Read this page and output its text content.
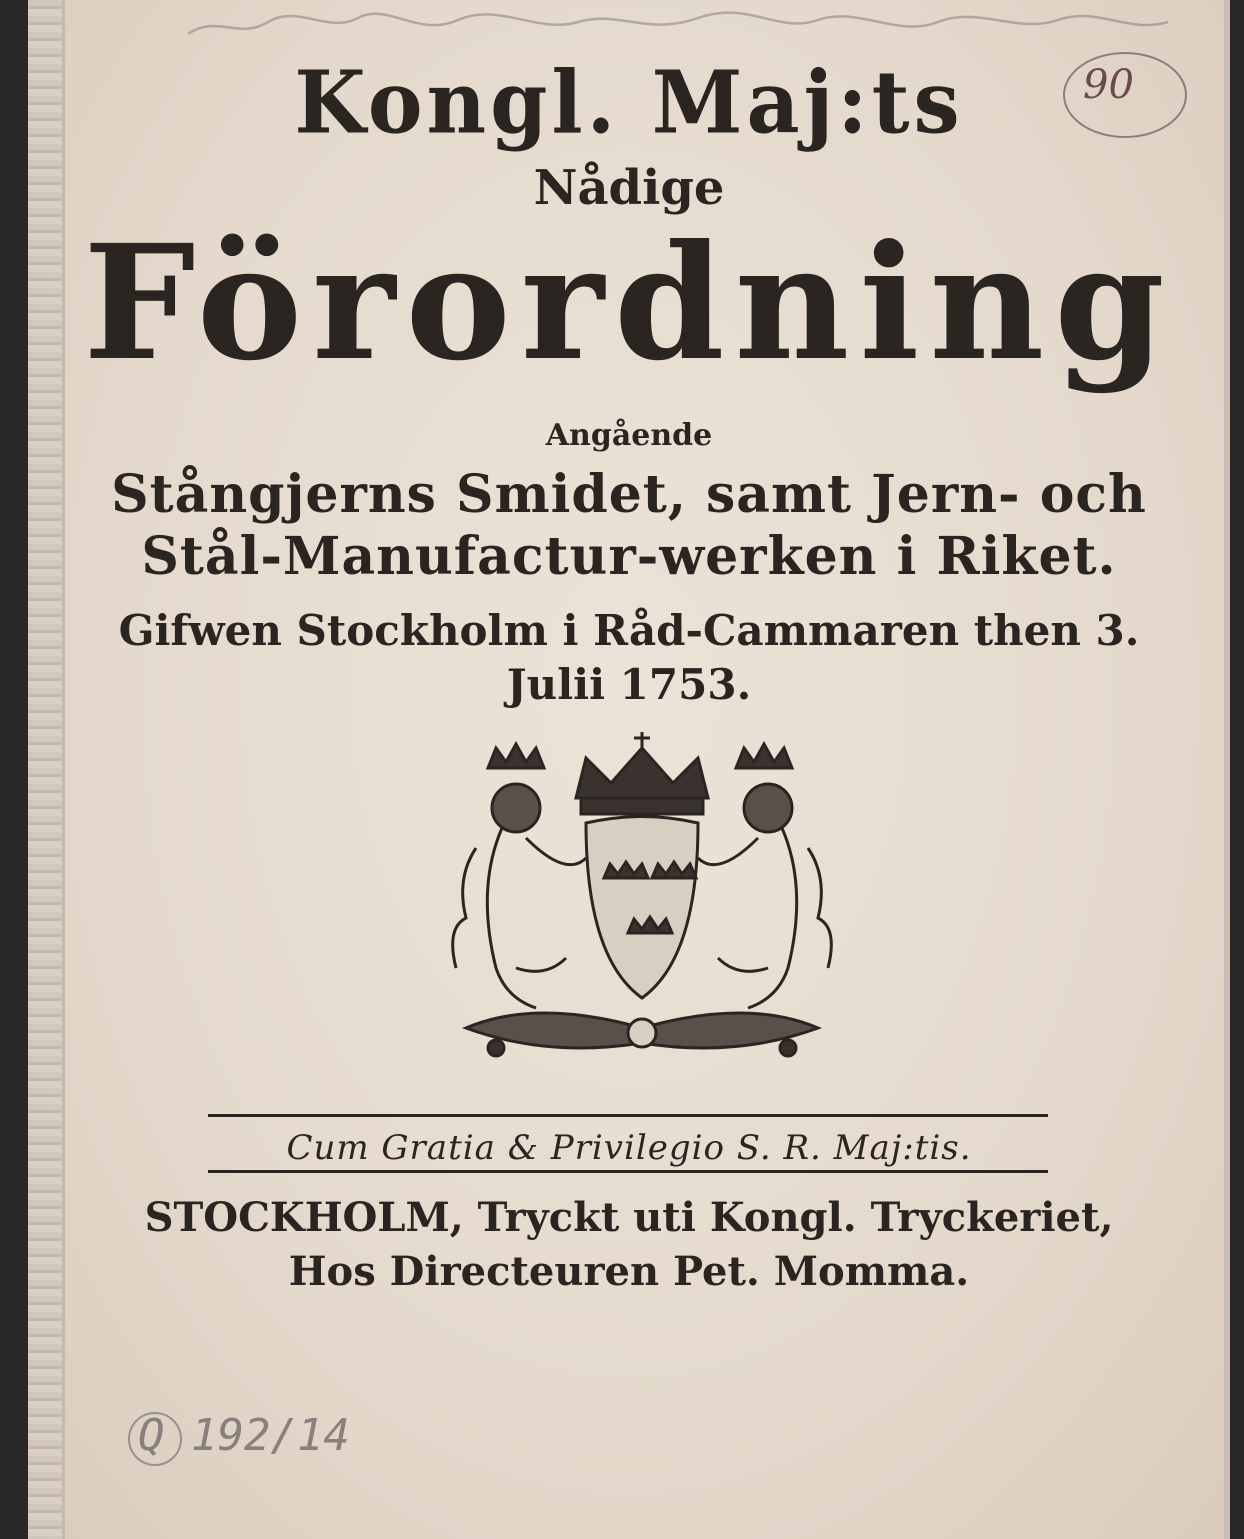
90
Kongl. Maj:ts
Nådige
Förordning
Angående
Stångjerns Smidet, samt Jern- och
Stål-Manufactur-werken i Riket.
Gifwen Stockholm i Råd-Cammaren then 3.
Julii 1753.
Cum Gratia & Privilegio S. R. Maj:tis.
STOCKHOLM, Tryckt uti Kongl. Tryckeriet,
Hos Directeuren Pet. Momma.
Q 192/14
